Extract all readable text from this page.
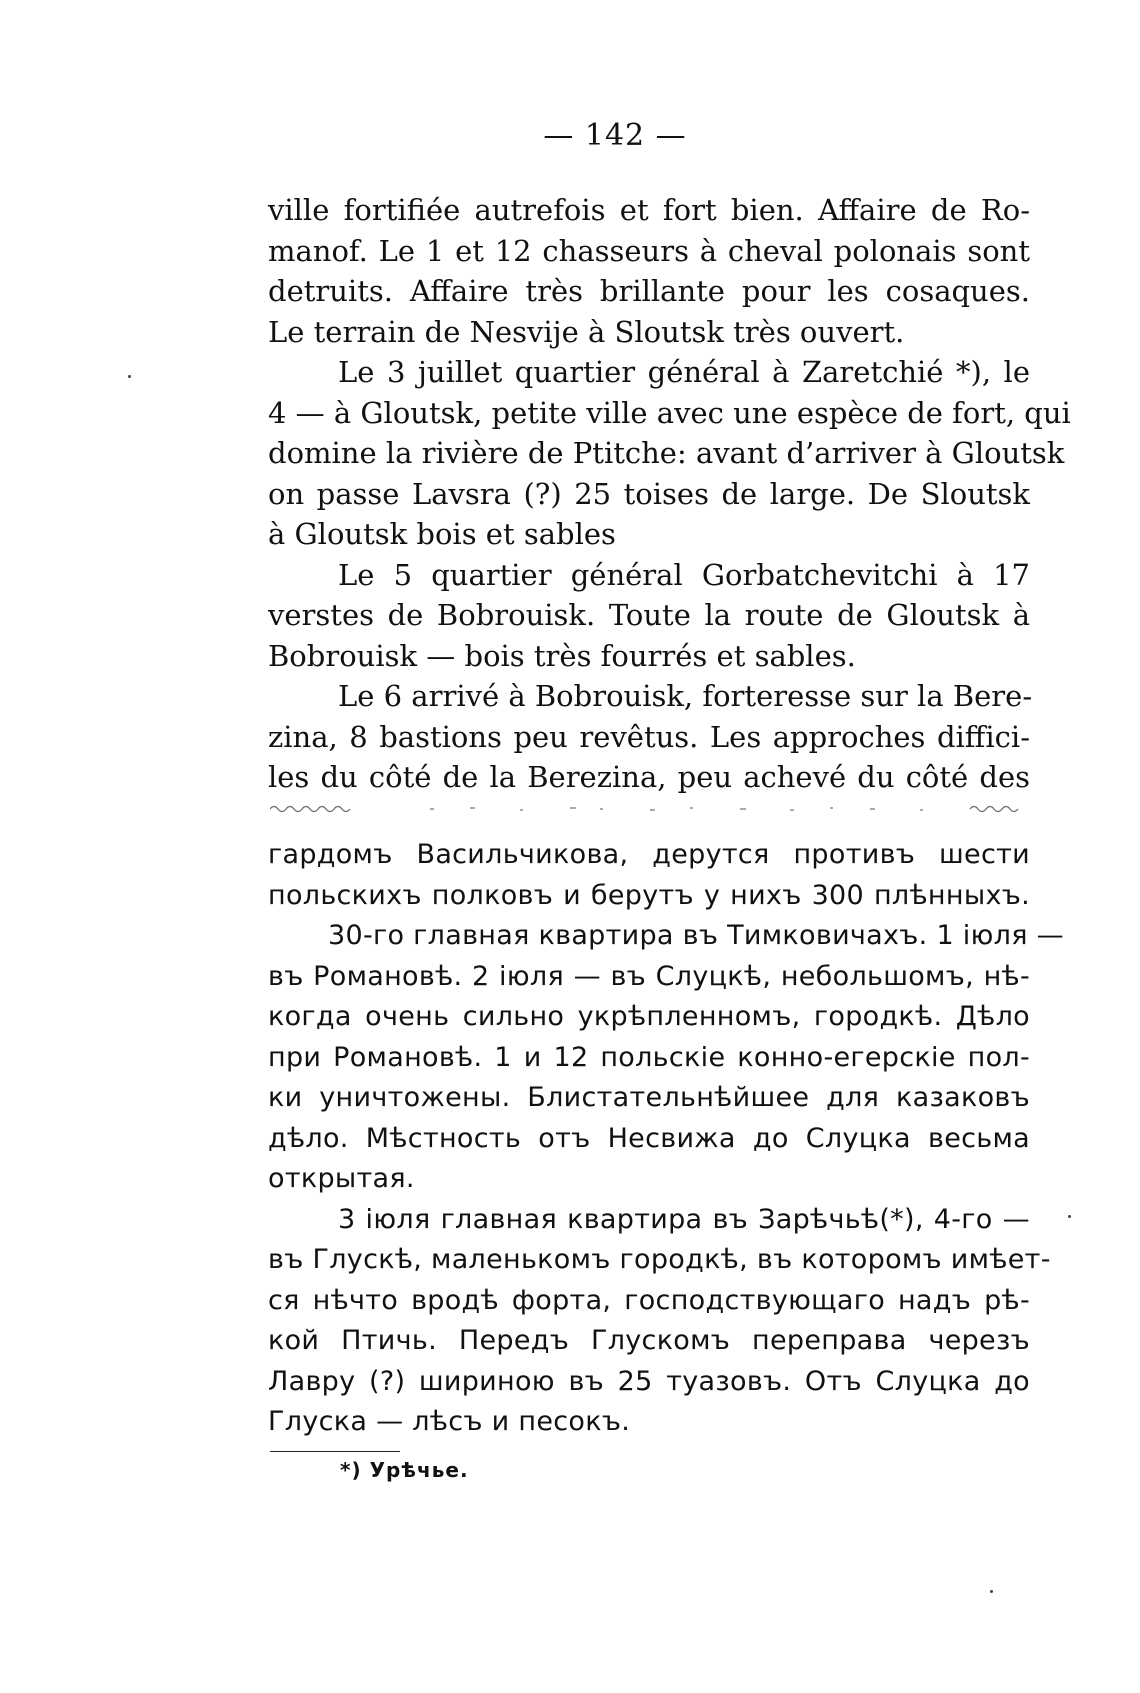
— 142 —
ville fortifiée autrefois et fort bien. Affaire de Ro-
manof. Le 1 et 12 chasseurs à cheval polonais sont
detruits. Affaire très brillante pour les cosaques.
Le terrain de Nesvije à Sloutsk très ouvert.
Le 3 juillet quartier général à Zaretchié *), le
4 — à Gloutsk, petite ville avec une espèce de fort, qui
domine la rivière de Ptitche: avant d’arriver à Gloutsk
on passe Lavsra (?) 25 toises de large. De Sloutsk
à Gloutsk bois et sables
Le 5 quartier général Gorbatchevitchi à 17
verstes de Bobrouisk. Toute la route de Gloutsk à
Bobrouisk — bois très fourrés et sables.
Le 6 arrivé à Bobrouisk, forteresse sur la Bere-
zina, 8 bastions peu revêtus. Les approches diffici-
les du côté de la Berezina, peu achevé du côté des
гардомъ Васильчикова, дерутся противъ шести
польскихъ полковъ и берутъ у нихъ 300 плѣнныхъ.
30-го главная квартира въ Тимковичахъ. 1 іюля —
въ Романовѣ. 2 іюля — въ Слуцкѣ, небольшомъ, нѣ-
когда очень сильно укрѣпленномъ, городкѣ. Дѣло
при Романовѣ. 1 и 12 польскіе конно-егерскіе пол-
ки уничтожены. Блистательнѣйшее для казаковъ
дѣло. Мѣстность отъ Несвижа до Слуцка весьма
открытая.
3 іюля главная квартира въ Зарѣчьѣ(*), 4-го —
въ Глускѣ, маленькомъ городкѣ, въ которомъ имѣет-
ся нѣчто вродѣ форта, господствующаго надъ рѣ-
кой Птичь. Передъ Глускомъ переправа черезъ
Лавру (?) шириною въ 25 туазовъ. Отъ Слуцка до
Глуска — лѣсъ и песокъ.
*) Урѣчье.
